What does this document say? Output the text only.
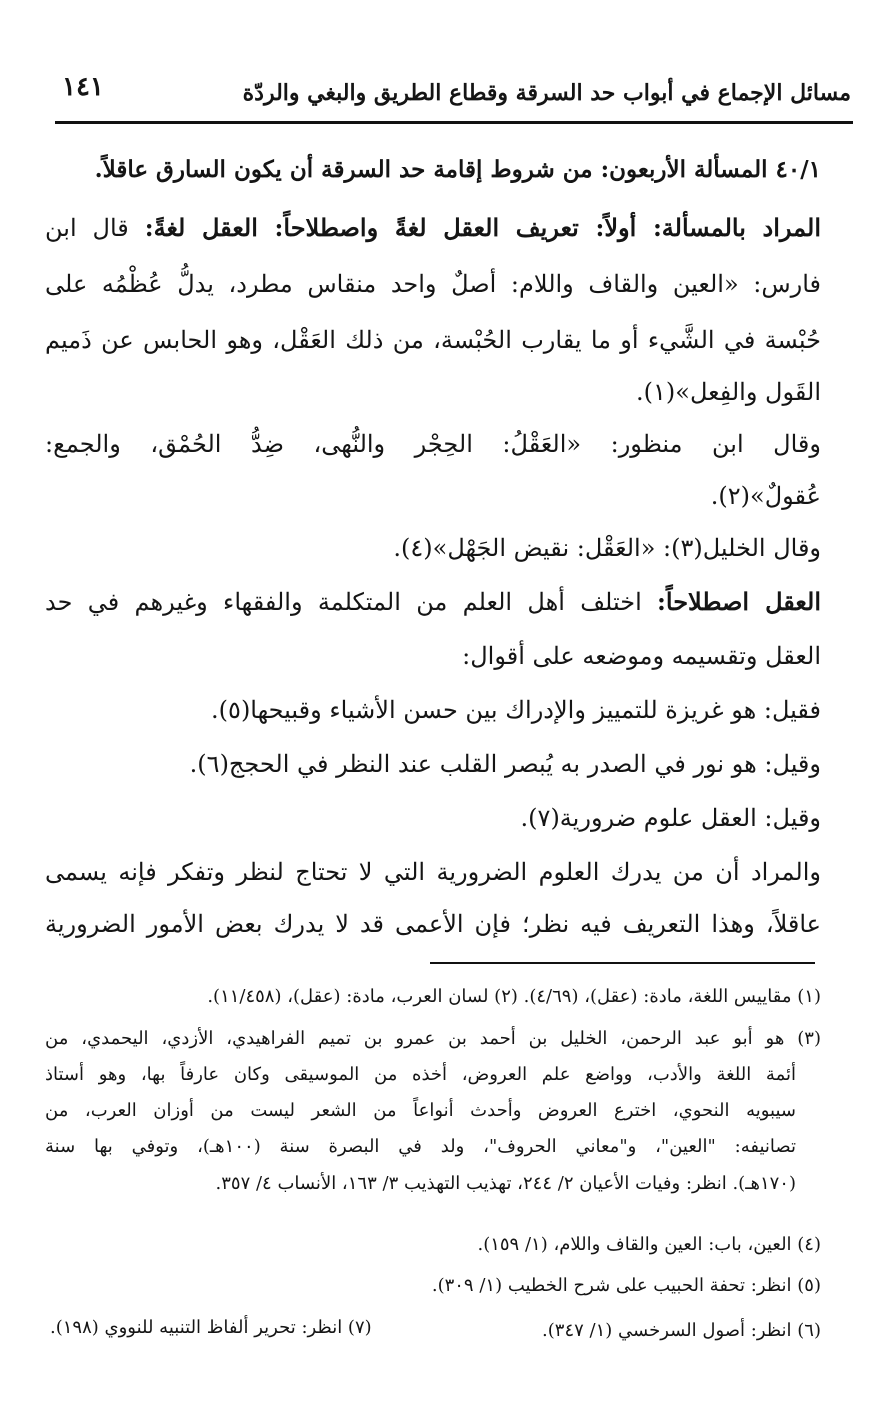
١٤١	مسائل الإجماع في أبواب حد السرقة وقطاع الطريق والبغي والردّة
٤٠/١ المسألة الأربعون: من شروط إقامة حد السرقة أن يكون السارق عاقلاً.
المراد بالمسألة: أولاً: تعريف العقل لغةً واصطلاحاً: العقل لغةً: قال ابن
فارس: «العين والقاف واللام: أصلٌ واحد منقاس مطرد، يدلُّ عُظْمُه على
حُبْسة في الشَّيء أو ما يقارب الحُبْسة، من ذلك العَقْل، وهو الحابس عن ذَميم
القَول والفِعل»(١).
وقال ابن منظور: «العَقْلُ: الحِجْر والنُّهى، ضِدُّ الحُمْق، والجمع:
عُقولٌ»(٢).
وقال الخليل(٣): «العَقْل: نقيض الجَهْل»(٤).
العقل اصطلاحاً: اختلف أهل العلم من المتكلمة والفقهاء وغيرهم في حد
العقل وتقسيمه وموضعه على أقوال:
فقيل: هو غريزة للتمييز والإدراك بين حسن الأشياء وقبيحها(٥).
وقيل: هو نور في الصدر به يُبصر القلب عند النظر في الحجج(٦).
وقيل: العقل علوم ضرورية(٧).
والمراد أن من يدرك العلوم الضرورية التي لا تحتاج لنظر وتفكر فإنه يسمى
عاقلاً، وهذا التعريف فيه نظر؛ فإن الأعمى قد لا يدرك بعض الأمور الضرورية
(١) مقاييس اللغة، مادة: (عقل)، (٤/٦٩). (٢) لسان العرب، مادة: (عقل)، (١١/٤٥٨).
(٣) هو أبو عبد الرحمن، الخليل بن أحمد بن عمرو بن تميم الفراهيدي، الأزدي، اليحمدي، من
أئمة اللغة والأدب، وواضع علم العروض، أخذه من الموسيقى وكان عارفاً بها، وهو أستاذ
سيبويه النحوي، اخترع العروض وأحدث أنواعاً من الشعر ليست من أوزان العرب، من
تصانيفه: "العين"، و"معاني الحروف"، ولد في البصرة سنة (١٠٠هـ)، وتوفي بها سنة
(١٧٠هـ). انظر: وفيات الأعيان ٢/ ٢٤٤، تهذيب التهذيب ٣/ ١٦٣، الأنساب ٤/ ٣٥٧.
(٤) العين، باب: العين والقاف واللام، (١/ ١٥٩).
(٥) انظر: تحفة الحبيب على شرح الخطيب (١/ ٣٠٩).
(٦) انظر: أصول السرخسي (١/ ٣٤٧).
(٧) انظر: تحرير ألفاظ التنبيه للنووي (١٩٨).
